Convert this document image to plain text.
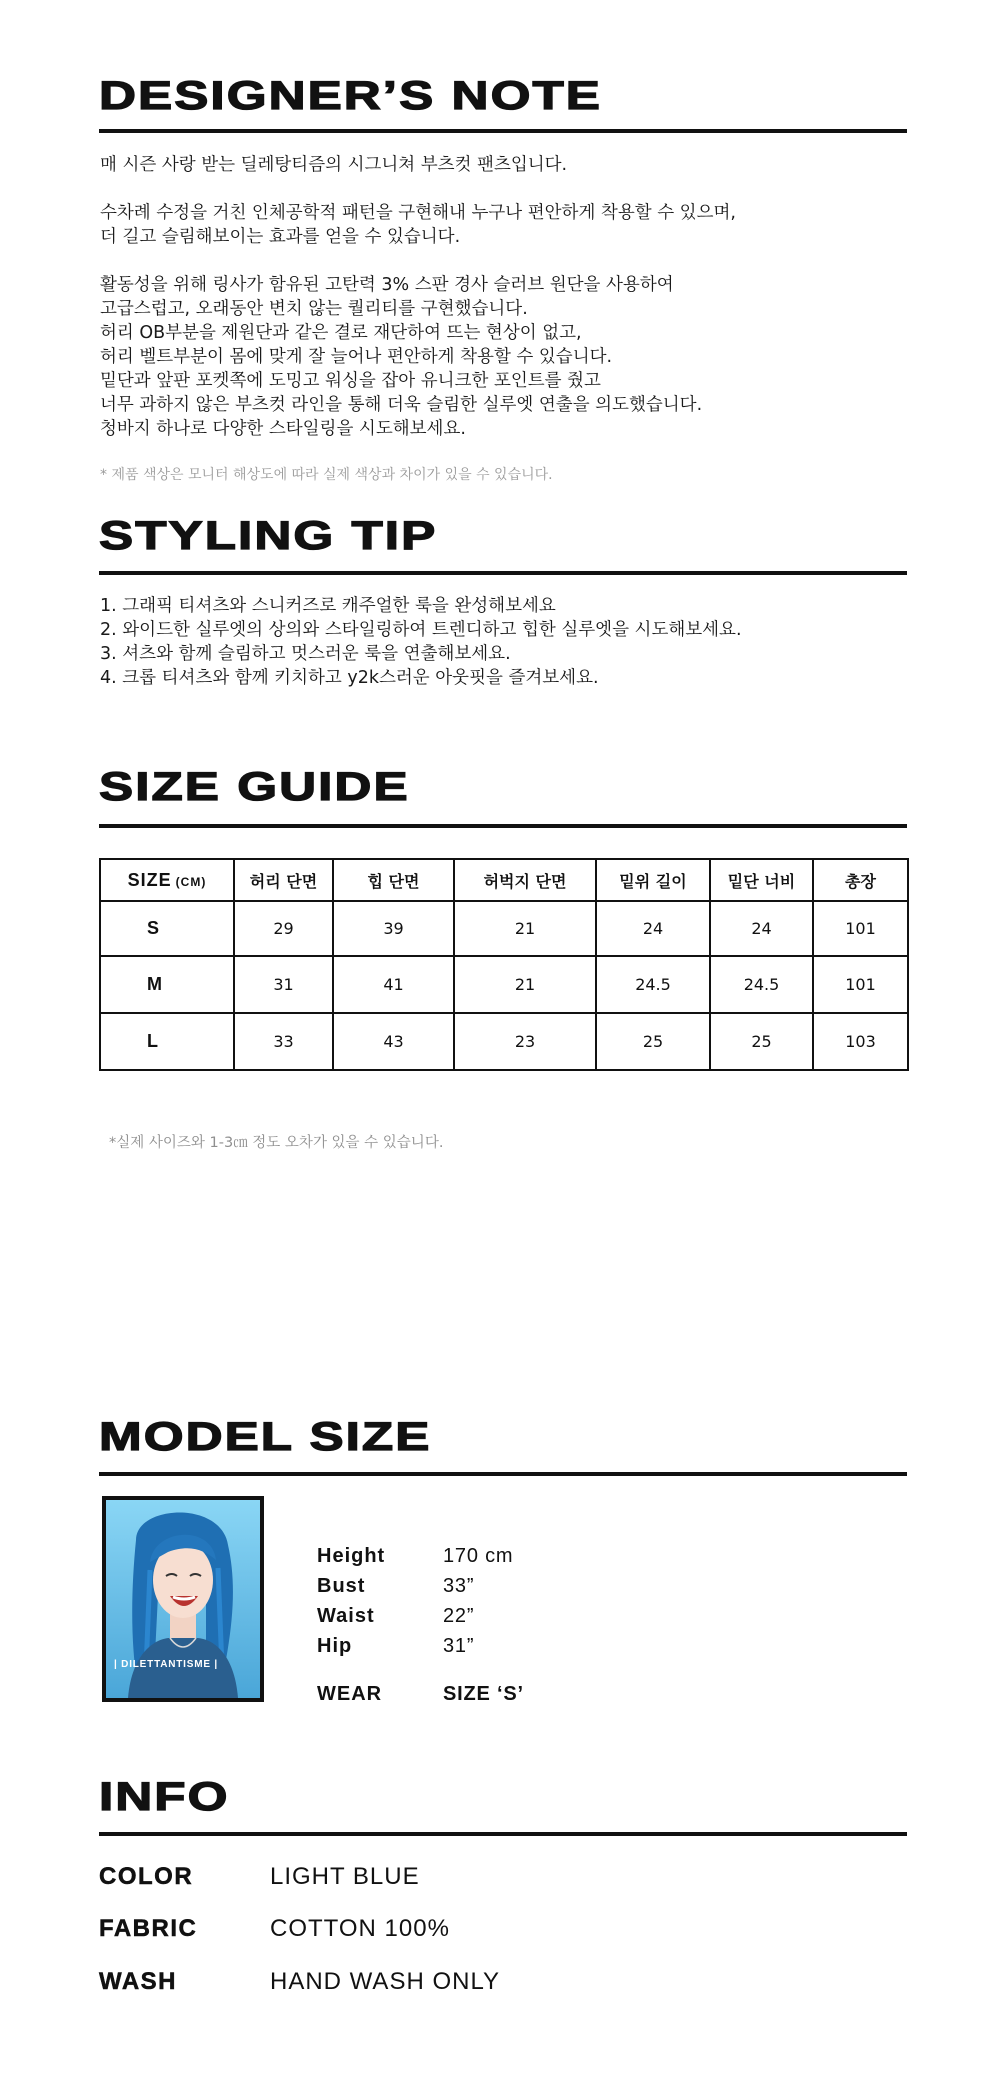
DESIGNER’S NOTE

매 시즌 사랑 받는 딜레탕티즘의 시그니쳐 부츠컷 팬츠입니다.

수차례 수정을 거친 인체공학적 패턴을 구현해내 누구나 편안하게 착용할 수 있으며,

더 길고 슬림해보이는 효과를 얻을 수 있습니다.

활동성을 위해 링사가 함유된 고탄력 3% 스판 경사 슬러브 원단을 사용하여

고급스럽고, 오래동안 변치 않는 퀄리티를 구현했습니다.

허리 OB부분을 제원단과 같은 결로 재단하여 뜨는 현상이 없고,

허리 벨트부분이 몸에 맞게 잘 늘어나 편안하게 착용할 수 있습니다.

밑단과 앞판 포켓쪽에 도밍고 워싱을 잡아 유니크한 포인트를 줬고

너무 과하지 않은 부츠컷 라인을 통해 더욱 슬림한 실루엣 연출을 의도했습니다.

청바지 하나로 다양한 스타일링을 시도해보세요.

* 제품 색상은 모니터 해상도에 따라 실제 색상과 차이가 있을 수 있습니다.

STYLING TIP

1. 그래픽 티셔츠와 스니커즈로 캐주얼한 룩을 완성해보세요

2. 와이드한 실루엣의 상의와 스타일링하여 트렌디하고 힙한 실루엣을 시도해보세요.

3. 셔츠와 함께 슬림하고 멋스러운 룩을 연출해보세요.

4. 크롭 티셔츠와 함께 키치하고 y2k스러운 아웃핏을 즐겨보세요.

SIZE GUIDE
SIZE (CM)	허리 단면	힙 단면	허벅지 단면	밑위 길이	밑단 너비	총장
S	29	39	21	24	24	101
M	31	41	21	24.5	24.5	101
L	33	43	23	25	25	103

*실제 사이즈와 1-3㎝ 정도 오차가 있을 수 있습니다.

MODEL SIZE
| DILETTANTISME |
Height	170 cm
Bust	33”
Waist	22”
Hip	31”
WEAR	SIZE ‘S’
INFO
COLOR	LIGHT BLUE
FABRIC	COTTON 100%
WASH	HAND WASH ONLY
